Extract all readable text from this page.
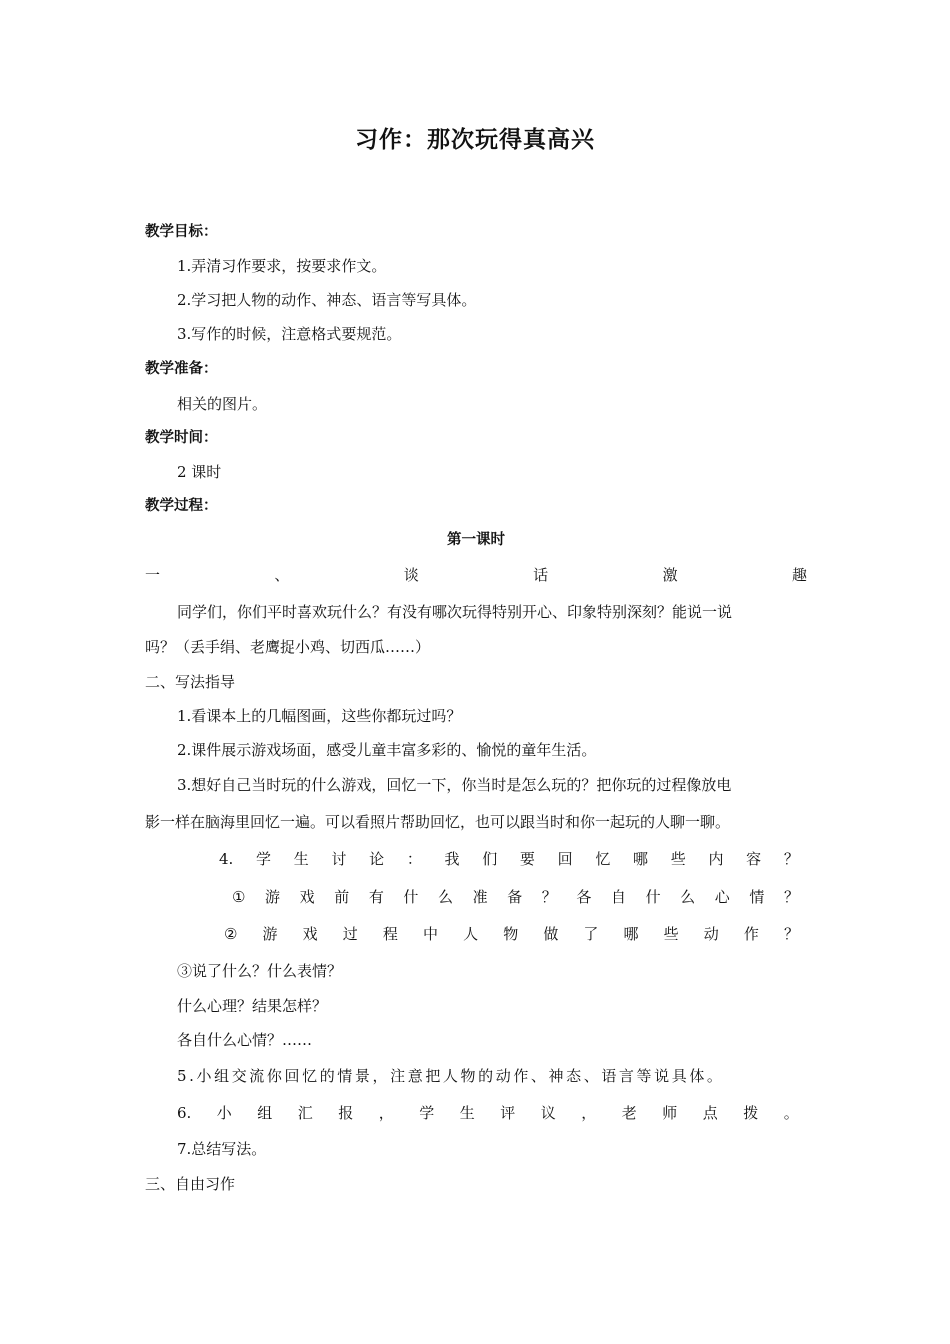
习作：那次玩得真高兴
教学目标：
1.弄清习作要求，按要求作文。
2.学习把人物的动作、神态、语言等写具体。
3.写作的时候，注意格式要规范。
教学准备：
相关的图片。
教学时间：
2 课时
教学过程：
第一课时
一	、	谈	话	激	趣
同学们，你们平时喜欢玩什么？有没有哪次玩得特别开心、印象特别深刻？能说一说
吗？（丢手绢、老鹰捉小鸡、切西瓜……）
二、写法指导
1.看课本上的几幅图画，这些你都玩过吗？
2.课件展示游戏场面，感受儿童丰富多彩的、愉悦的童年生活。
3.想好自己当时玩的什么游戏，回忆一下，你当时是怎么玩的？把你玩的过程像放电
影一样在脑海里回忆一遍。可以看照片帮助回忆，也可以跟当时和你一起玩的人聊一聊。
4. 学 生 讨 论 ： 我 们 要 回 忆 哪 些 内 容 ？
① 游 戏 前 有 什 么 准 备 ？ 各 自 什 么 心 情 ？
② 游 戏 过 程 中 人 物 做 了 哪 些 动 作 ？
③说了什么？什么表情？
什么心理？结果怎样？
各自什么心情？……
5.小组交流你回忆的情景，注意把人物的动作、神态、语言等说具体。
6. 小 组 汇 报 ， 学 生 评 议 ， 老 师 点 拨 。
7.总结写法。
三、自由习作
